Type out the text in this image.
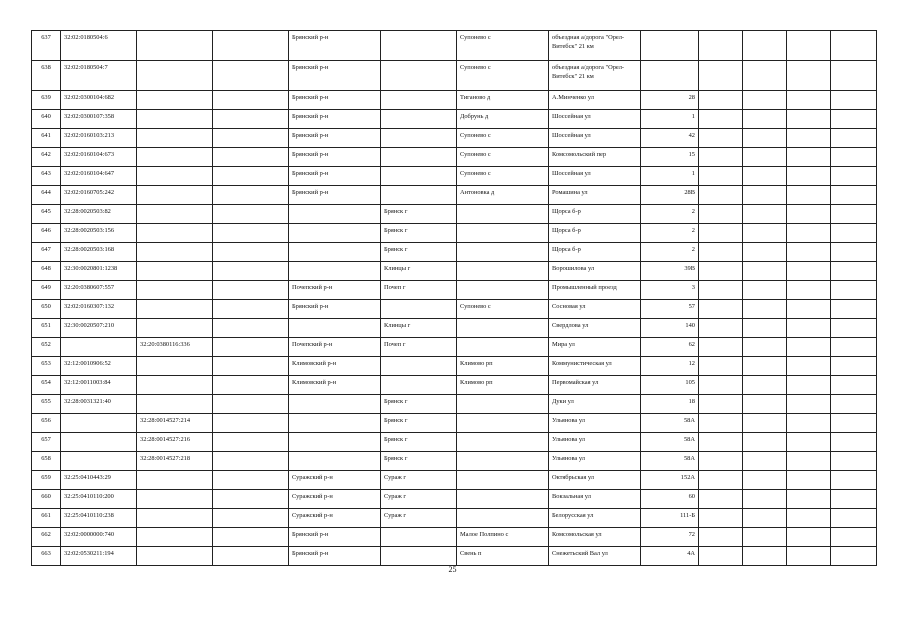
637	32:02:0180504:6			Брянский р-н		Супонево с	объездная а/дорога "Орел-Витебск" 21 км					
638	32:02:0180504:7			Брянский р-н		Супонево с	объездная а/дорога "Орел-Витебск" 21 км					
639	32:02:0300104:682			Брянский р-н		Тиганово д	А.Минченко ул	28				
640	32:02:0300107:358			Брянский р-н		Добрунь д	Шоссейная ул	1				
641	32:02:0160103:213			Брянский р-н		Супонево с	Шоссейная ул	42				
642	32:02:0160104:673			Брянский р-н		Супонево с	Комсомольский пер	15				
643	32:02:0160104:647			Брянский р-н		Супонево с	Шоссейная ул	1				
644	32:02:0160705:242			Брянский р-н		Антоновка д	Ромашина ул	28В				
645	32:28:0020503:82				Брянск г		Щорса б-р	2				
646	32:28:0020503:156				Брянск г		Щорса б-р	2				
647	32:28:0020503:168				Брянск г		Щорса б-р	2				
648	32:30:0020801:1238				Клинцы г		Ворошилова ул	39В				
649	32:20:0380607:557			Почепский р-н	Почеп г		Промышленный проезд	3				
650	32:02:0160307:132			Брянский р-н		Супонево с	Сосновая ул	57				
651	32:30:0020507:210				Клинцы г		Свердлова ул	140				
652		32:20:0380116:336		Почепский р-н	Почеп г		Мира ул	62				
653	32:12:0010906:52			Климовский р-н		Климово рп	Коммунистическая ул	12				
654	32:12:0011003:84			Климовский р-н		Климово рп	Первомайская ул	105				
655	32:28:0031321:40				Брянск г		Дуки ул	18				
656		32:28:0014527:214			Брянск г		Ульянова ул	58А				
657		32:28:0014527:216			Брянск г		Ульянова ул	58А				
658		32:28:0014527:218			Брянск г		Ульянова ул	58А				
659	32:25:0410443:29			Суражский р-н	Сураж г		Октябрьская ул	152А				
660	32:25:0410110:200			Суражский р-н	Сураж г		Вокзальная ул	60				
661	32:25:0410110:238			Суражский р-н	Сураж г		Белорусская ул	111-Б				
662	32:02:0000000:740			Брянский р-н		Малое Полпино с	Комсомольская ул	72				
663	32:02:0530211:194			Брянский р-н		Свень п	Снежетьский Вал ул	4А				
25
